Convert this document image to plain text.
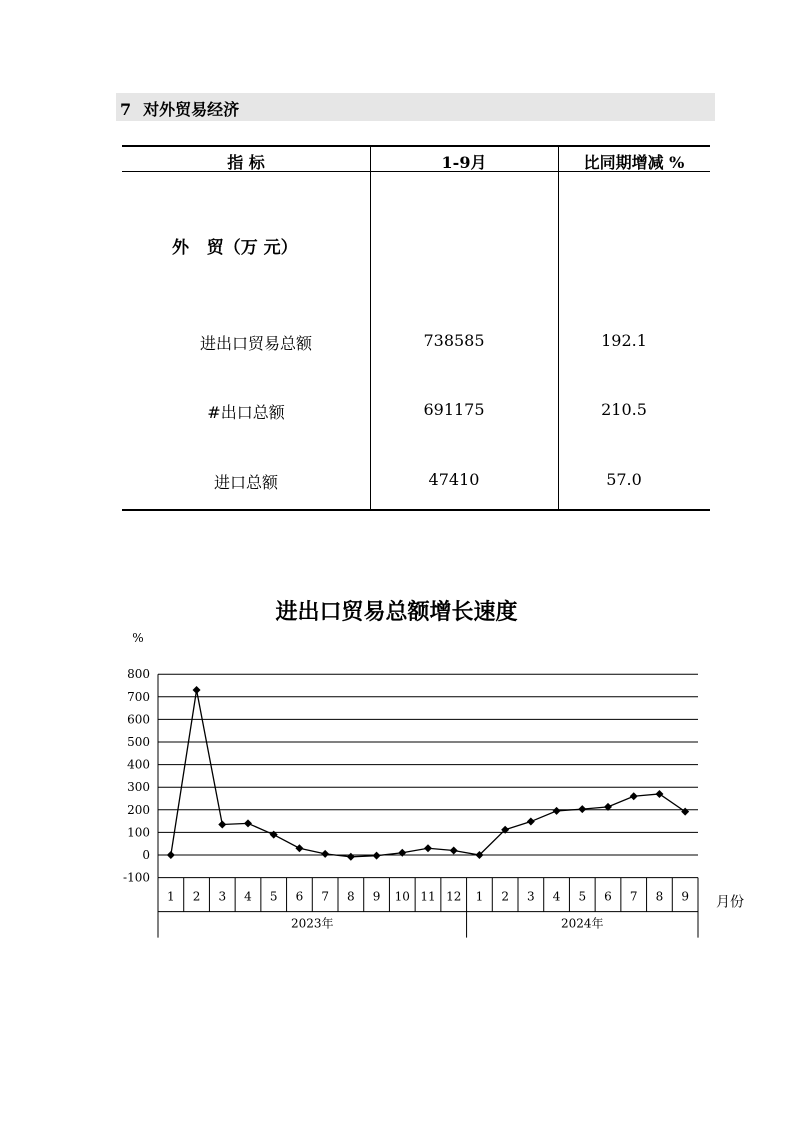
7 对外贸易经济
指 标	1-9月	比同期增减 %
外   贸（万 元）
进出口贸易总额	738585	192.1
#出口总额	691175	210.5
进口总额	47410	57.0
进出口贸易总额增长速度
-100
0
100
200
300
400
500
600
700
800
%
1 2 3 4 5 6 7 8 9 10 11 12 1 2 3 4 5 6 7 8 9
2023年	2024年
月份
